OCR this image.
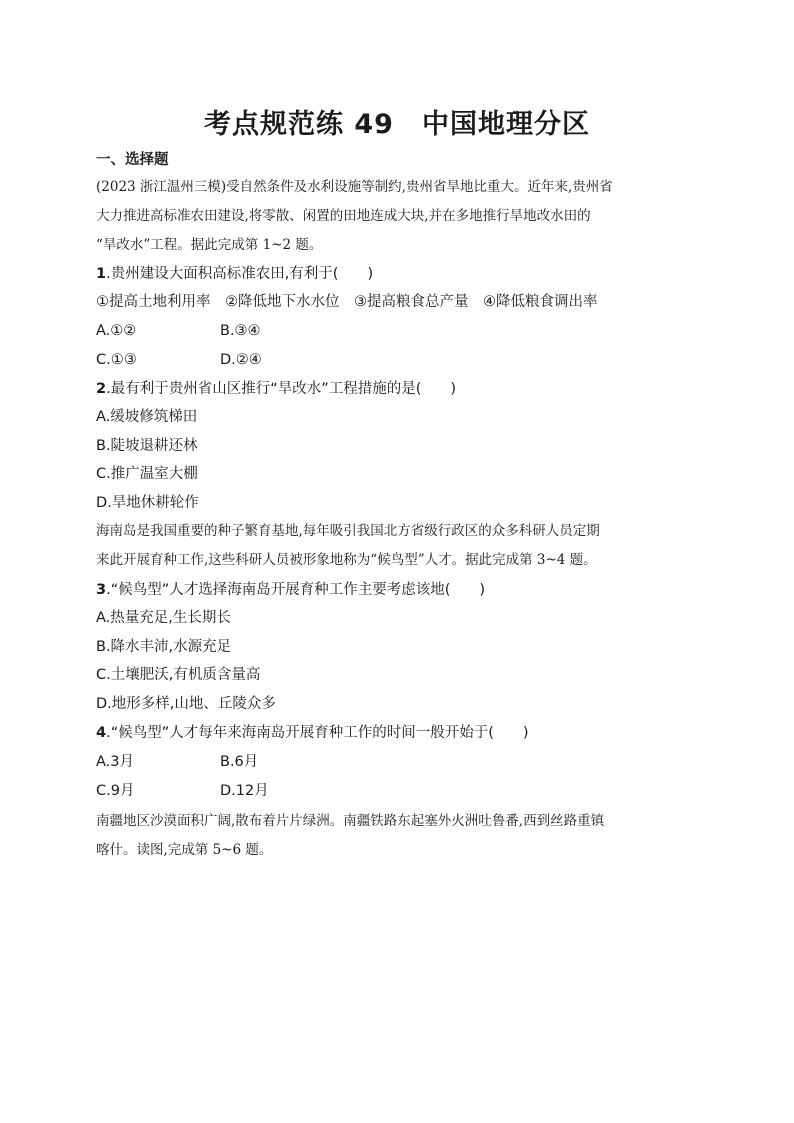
考点规范练 49　中国地理分区

一、选择题

(2023 浙江温州三模)受自然条件及水利设施等制约,贵州省旱地比重大。近年来,贵州省

大力推进高标准农田建设,将零散、闲置的田地连成大块,并在多地推行旱地改水田的

“旱改水”工程。据此完成第 1~2 题。

1.贵州建设大面积高标准农田,有利于(　　)

①提高土地利用率　②降低地下水水位　③提高粮食总产量　④降低粮食调出率

A.①②	B.③④
C.①③	D.②④

2.最有利于贵州省山区推行“旱改水”工程措施的是(　　)

A.缓坡修筑梯田

B.陡坡退耕还林

C.推广温室大棚

D.旱地休耕轮作

海南岛是我国重要的种子繁育基地,每年吸引我国北方省级行政区的众多科研人员定期

来此开展育种工作,这些科研人员被形象地称为“候鸟型”人才。据此完成第 3~4 题。

3.“候鸟型”人才选择海南岛开展育种工作主要考虑该地(　　)

A.热量充足,生长期长

B.降水丰沛,水源充足

C.土壤肥沃,有机质含量高

D.地形多样,山地、丘陵众多

4.“候鸟型”人才每年来海南岛开展育种工作的时间一般开始于(　　)

A.3月	B.6月
C.9月	D.12月

南疆地区沙漠面积广阔,散布着片片绿洲。南疆铁路东起塞外火洲吐鲁番,西到丝路重镇

喀什。读图,完成第 5~6 题。
